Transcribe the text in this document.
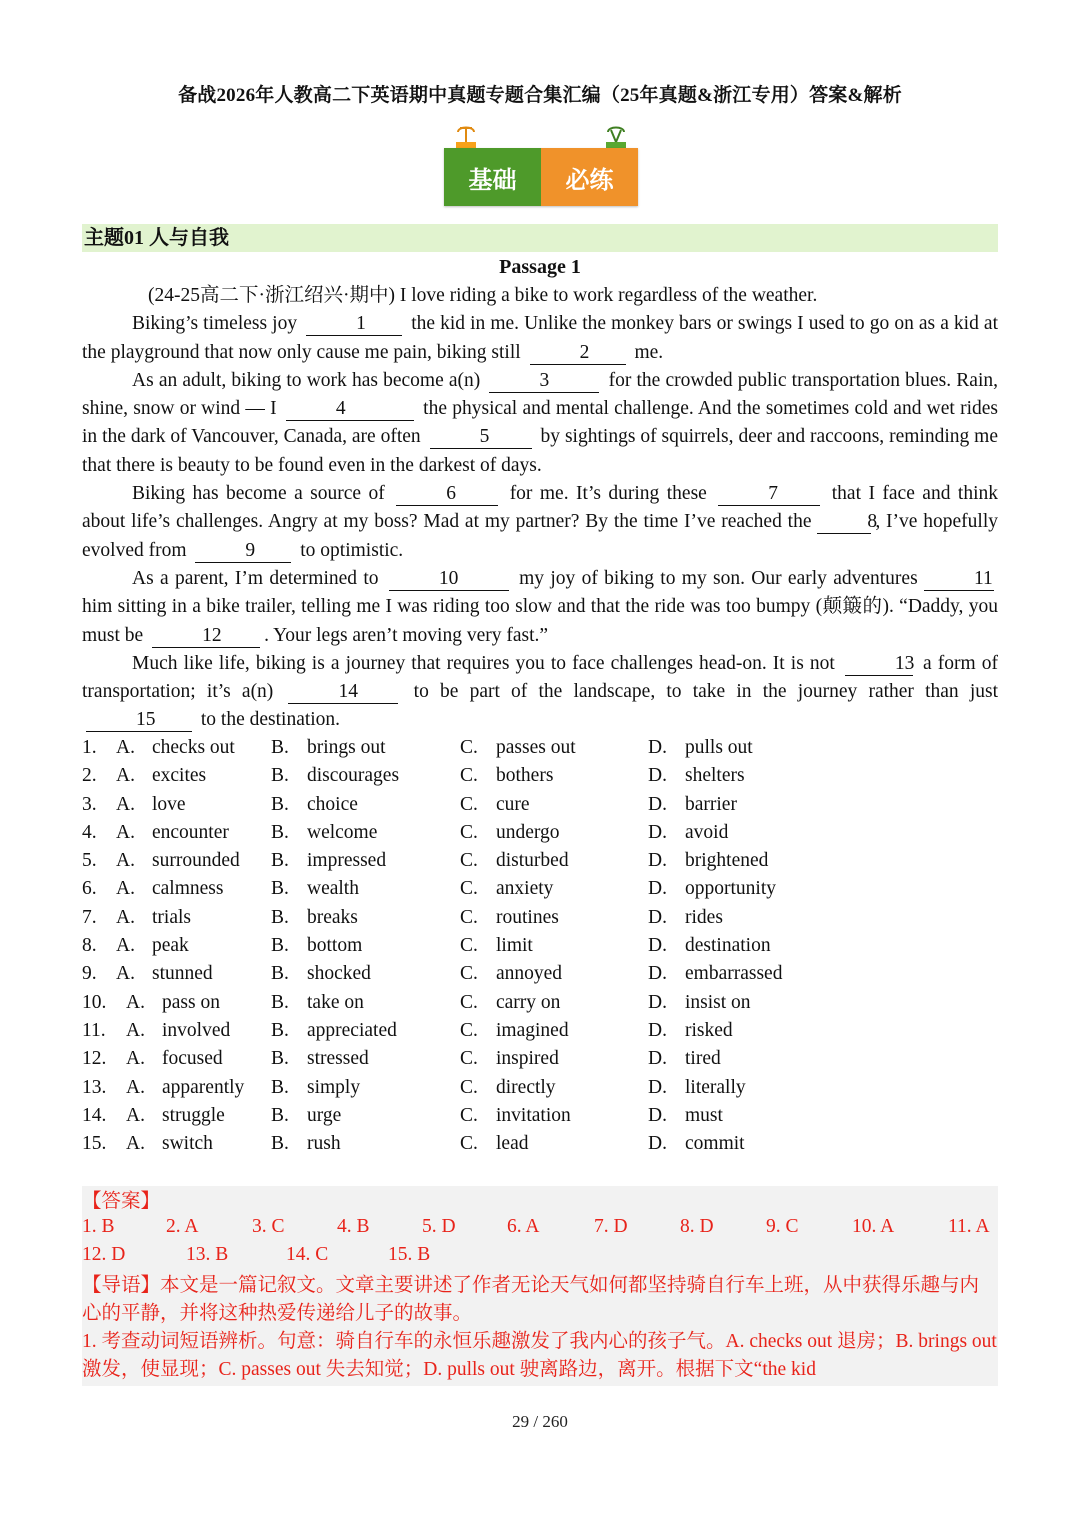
备战2026年人教高二下英语期中真题专题合集汇编（25年真题&浙江专用）答案&解析
基础	必练
主题01 人与自我
Passage 1

(24-25高二下·浙江绍兴·期中) I love riding a bike to work regardless of the weather.

Biking’s timeless joy	1 the kid in me. Unlike the monkey bars or swings I used to go on as a kid at the playground that now only cause me pain, biking still	2 me.

As an adult, biking to work has become a(n)	3	for the crowded public transportation blues. Rain, shine, snow or wind — I	4	the physical and mental challenge. And the sometimes cold and wet rides in the dark of Vancouver, Canada, are often	5 by sightings of squirrels, deer and raccoons, reminding me that there is beauty to be found even in the darkest of days.

Biking has become a source of	6 for me. It’s during these	7 that I face and think about life’s challenges. Angry at my boss? Mad at my partner? By the time I’ve reached the	8, I’ve hopefully evolved from	9 to optimistic.

As a parent, I’m determined to	10	my joy of biking to my son. Our early adventures	11 him sitting in a bike trailer, telling me I was riding too slow and that the ride was too bumpy (颠簸的). “Daddy, you must be	12 . Your legs aren’t moving very fast.”

Much like life, biking is a journey that requires you to face challenges head-on. It is not	13 a form of transportation; it’s a(n)	14 to be part of the landscape, to take in the journey rather than just 15 to the destination.

1. A. checks out B. brings out	C. passes out	D. pulls out
2. A. excites	B. discourages	C. bothers	D. shelters
3. A. love	B. choice	C. cure	D. barrier
4. A. encounter B. welcome	C. undergo	D. avoid
5. A. surrounded B. impressed	C. disturbed	D. brightened
6. A. calmness B. wealth	C. anxiety	D. opportunity
7. A. trials	B. breaks	C. routines	D. rides
8. A. peak	B. bottom	C. limit	D. destination
9. A. stunned	B. shocked	C. annoyed	D. embarrassed
10. A. pass on	B. take on	C. carry on	D. insist on
11. A. involved B. appreciated	C. imagined	D. risked
12. A. focused B. stressed	C. inspired	D. tired
13. A. apparently B. simply	C. directly	D. literally
14. A. struggle B. urge	C. invitation	D. must
15. A. switch	B. rush	C. lead	D. commit
【答案】
1. B	2. A	3. C	4. B	5. D	6. A	7. D	8. D	9. C	10. A	11. A
12. D	13. B	14. C	15. B
【导语】本文是一篇记叙文。文章主要讲述了作者无论天气如何都坚持骑自行车上班，从中获得乐趣与内心的平静，并将这种热爱传递给儿子的故事。
1. 考查动词短语辨析。句意：骑自行车的永恒乐趣激发了我内心的孩子气。A. checks out 退房；B. brings out 激发，使显现；C. passes out 失去知觉；D. pulls out 驶离路边，离开。根据下文“the kid
29 / 260
